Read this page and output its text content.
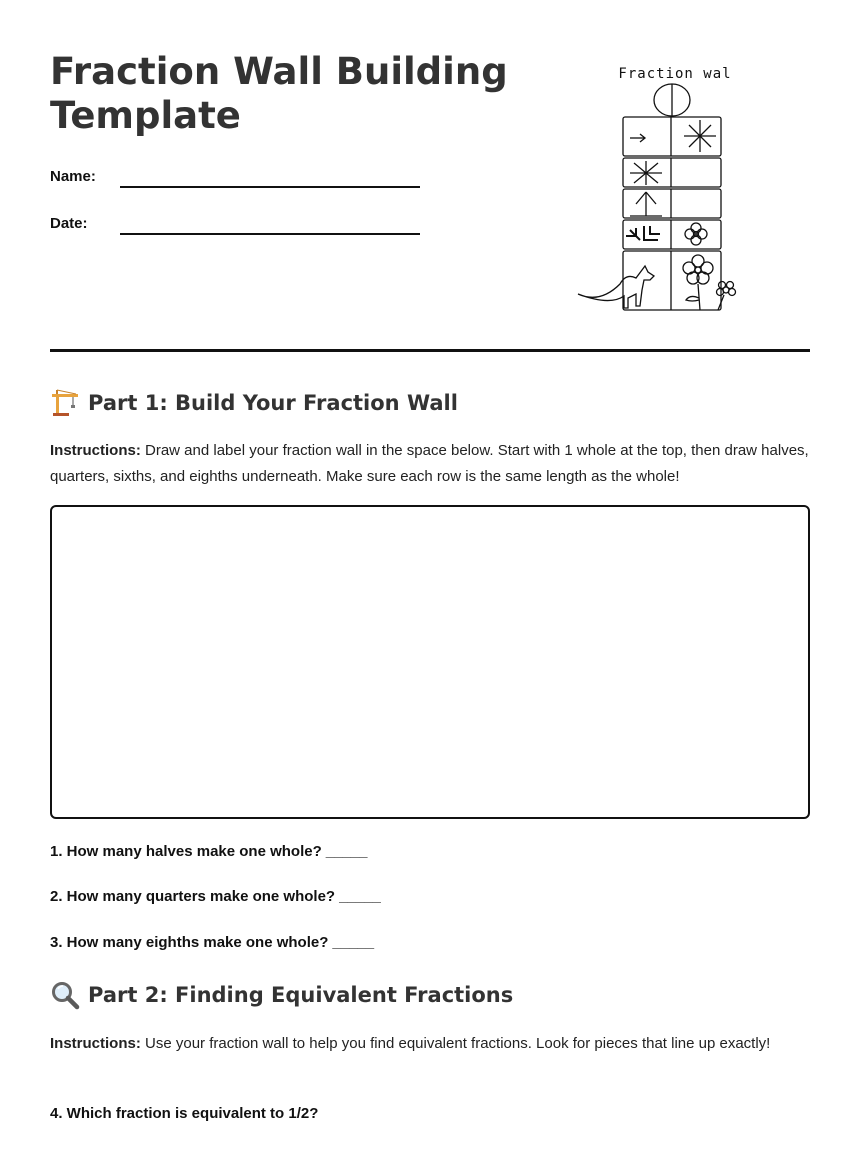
Fraction Wall Building Template
Name:
Date:
Fraction wal
Part 1: Build Your Fraction Wall

Instructions: Draw and label your fraction wall in the space below. Start with 1 whole at the top, then draw halves, quarters, sixths, and eighths underneath. Make sure each row is the same length as the whole!

1. How many halves make one whole? _____

2. How many quarters make one whole? _____

3. How many eighths make one whole? _____

Part 2: Finding Equivalent Fractions

Instructions: Use your fraction wall to help you find equivalent fractions. Look for pieces that line up exactly!

4. Which fraction is equivalent to 1/2?
